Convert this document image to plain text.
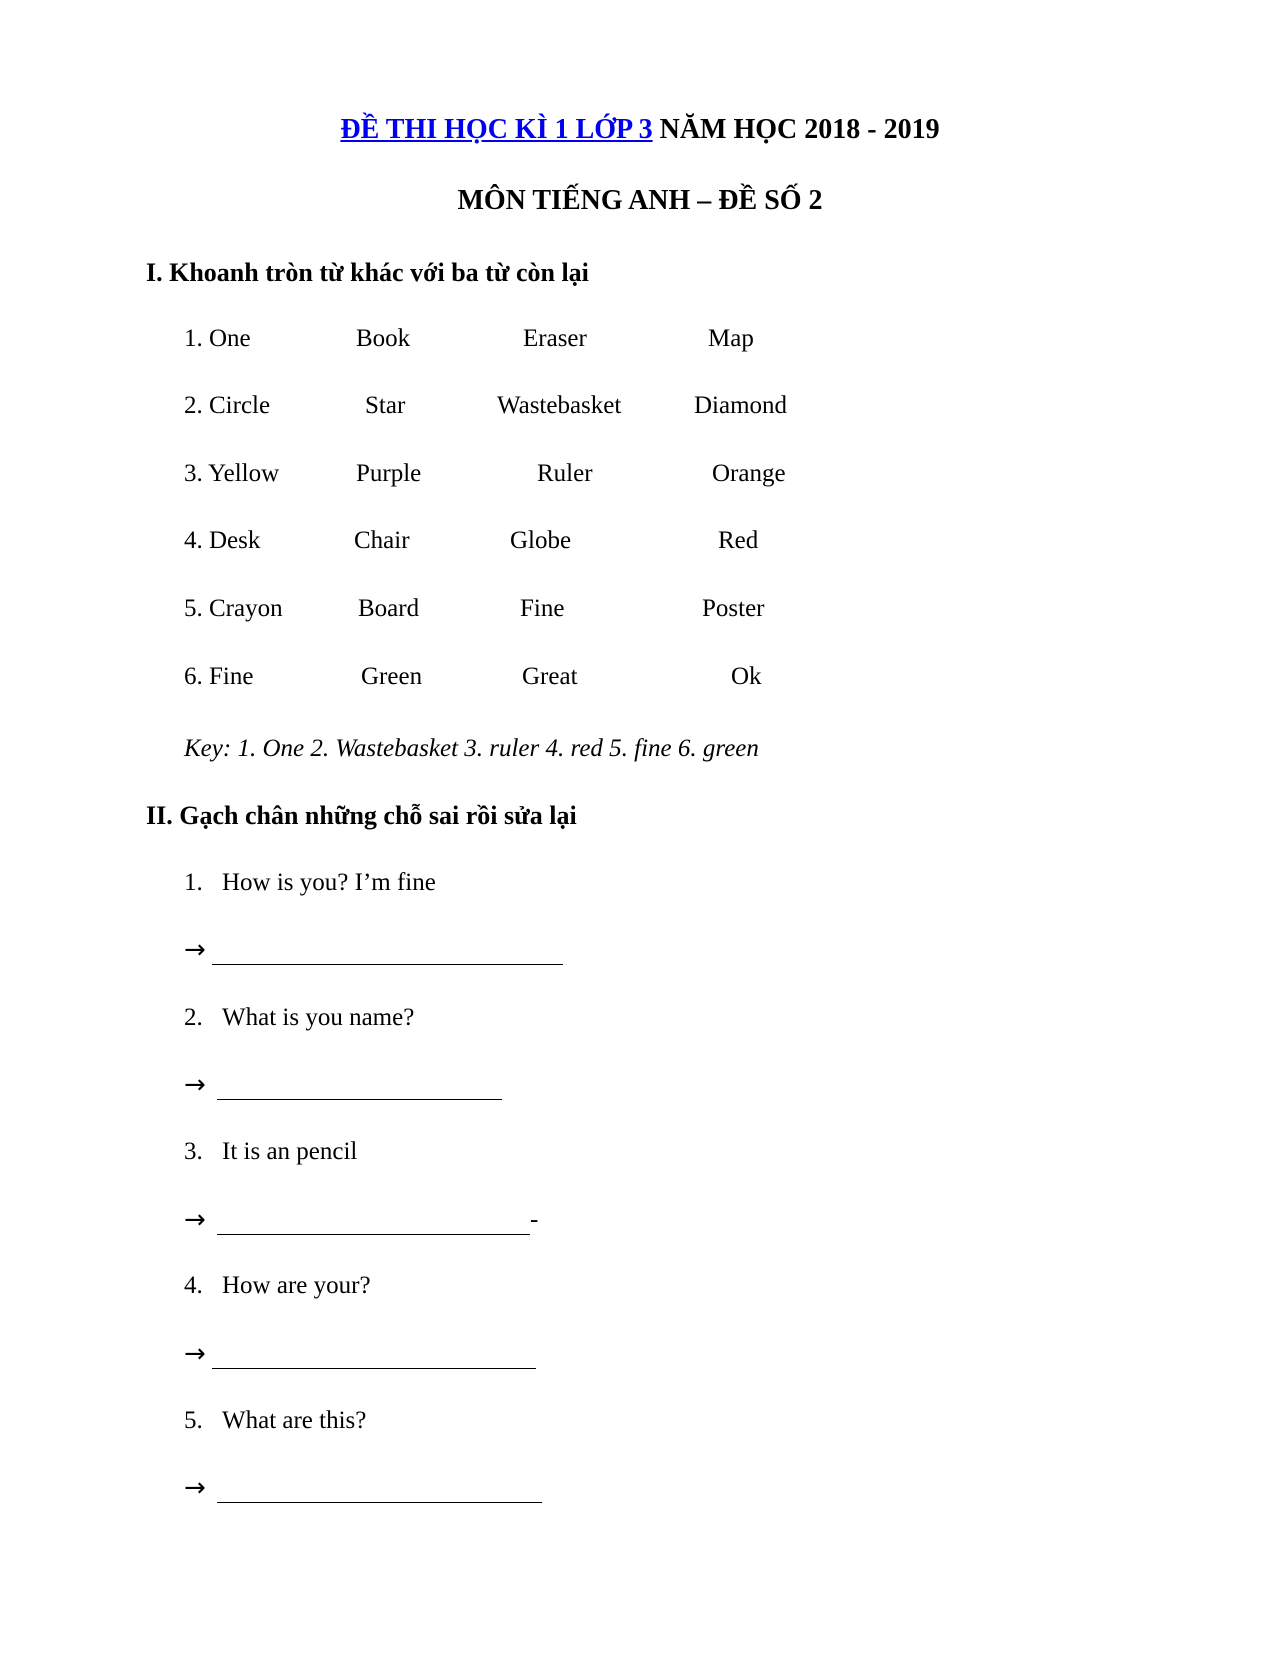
ĐỀ THI HỌC KÌ 1 LỚP 3 NĂM HỌC 2018 - 2019
MÔN TIẾNG ANH – ĐỀ SỐ 2
I. Khoanh tròn từ khác với ba từ còn lại
1. One	Book	Eraser	Map
2. Circle	Star	Wastebasket	Diamond
3. Yellow	Purple	Ruler	Orange
4. Desk	Chair	Globe	Red
5. Crayon	Board	Fine	Poster
6. Fine	Green	Great	Ok
Key: 1. One 2. Wastebasket 3. ruler 4. red 5. fine 6. green
II. Gạch chân những chỗ sai rồi sửa lại
1. How is you? I’m fine
→
2. What is you name?
→
3. It is an pencil
→	-
4. How are your?
→
5. What are this?
→
